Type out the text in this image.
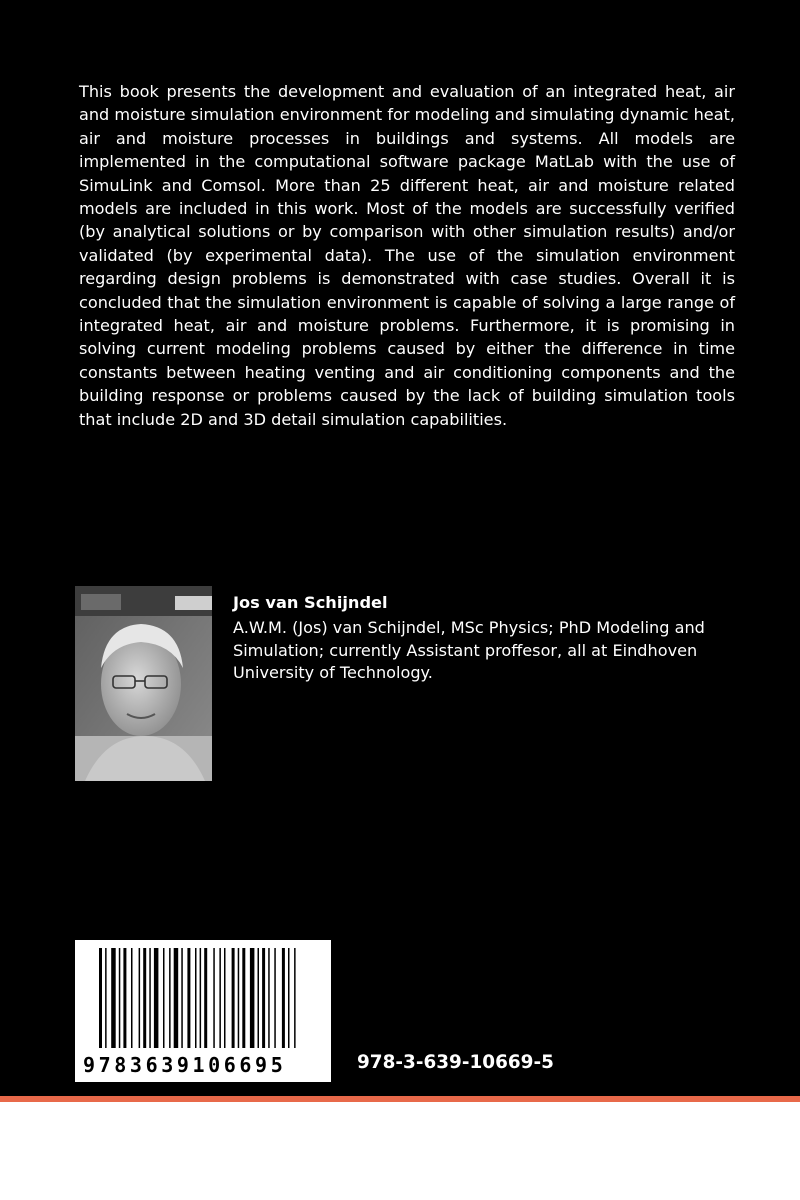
This book presents the development and evaluation of an integrated heat, air and moisture simulation environment for modeling and simulating dynamic heat, air and moisture processes in buildings and systems. All models are implemented in the computational software package MatLab with the use of SimuLink and Comsol. More than 25 different heat, air and moisture related models are included in this work. Most of the models are successfully verified (by analytical solutions or by comparison with other simulation results) and/or validated (by experimental data). The use of the simulation environment regarding design problems is demonstrated with case studies. Overall it is concluded that the simulation environment is capable of solving a large range of integrated heat, air and moisture problems. Furthermore, it is promising in solving current modeling problems caused by either the difference in time constants between heating venting and air conditioning components and the building response or problems caused by the lack of building simulation tools that include 2D and 3D detail simulation capabilities.

Jos van Schijndel

A.W.M. (Jos) van Schijndel, MSc Physics; PhD Modeling and Simulation; currently Assistant proffesor, all at Eindhoven University of Technology.

9783639106695	978-3-639-10669-5
